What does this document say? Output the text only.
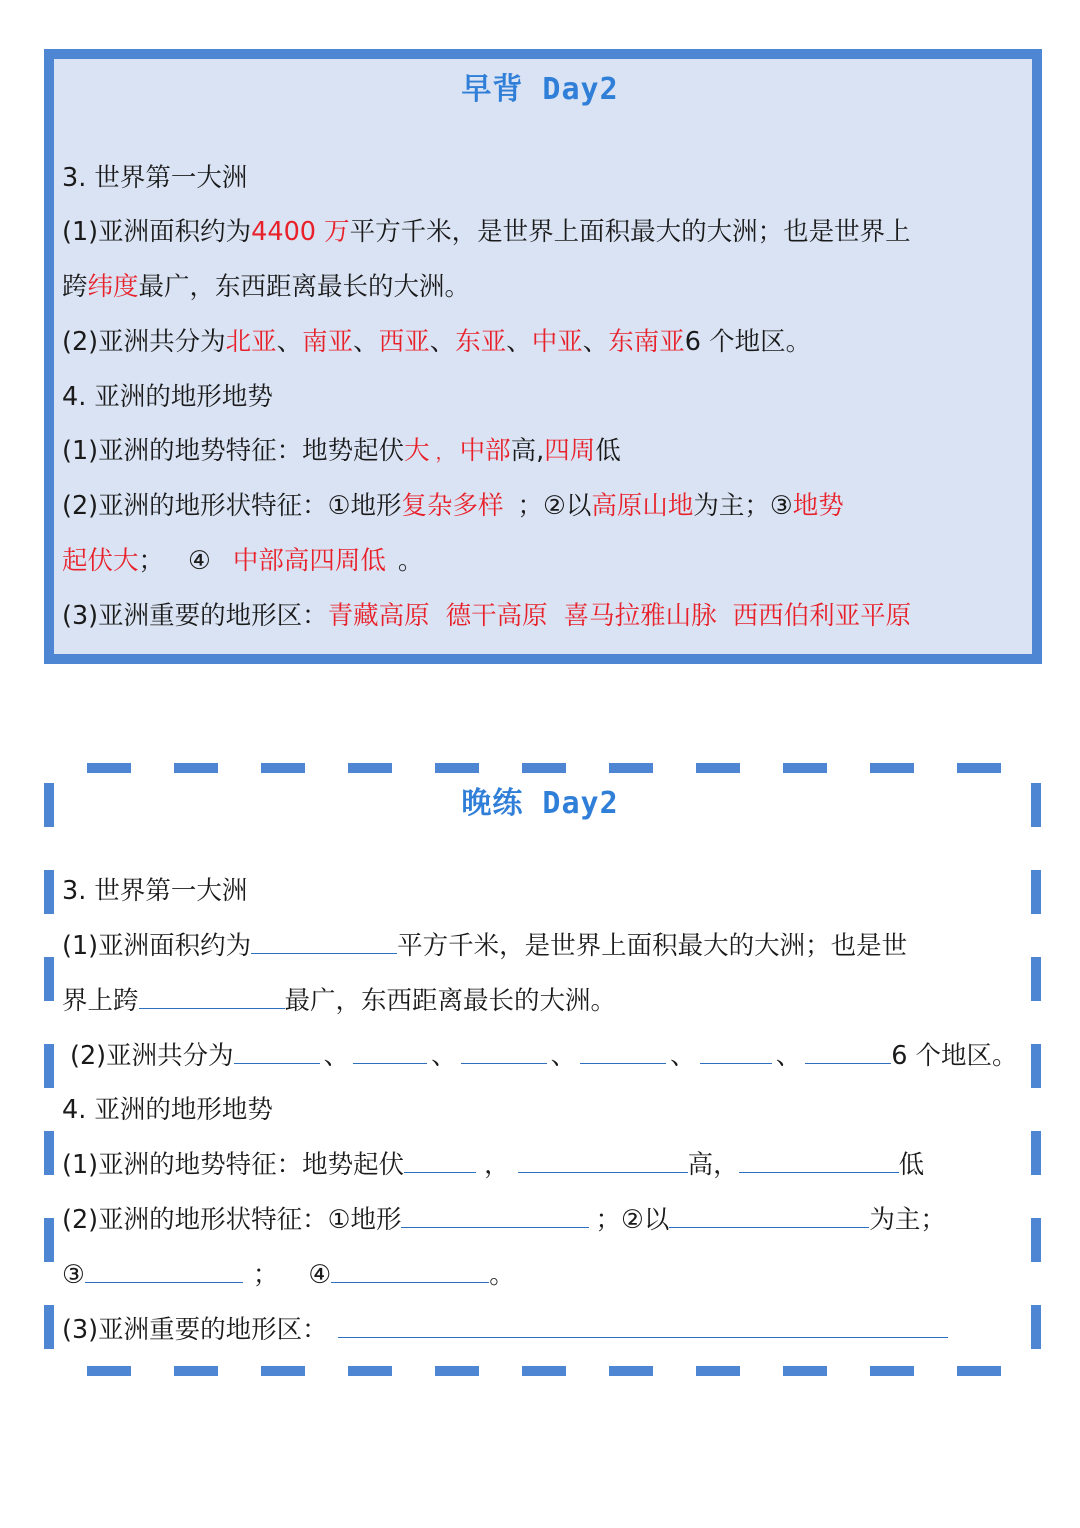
早背 Day2
3. 世界第一大洲
(1)亚洲面积约为4400 万平方千米，是世界上面积最大的大洲；也是世界上
跨纬度最广，东西距离最长的大洲。
(2)亚洲共分为北亚、南亚、西亚、东亚、中亚、东南亚6 个地区。
4. 亚洲的地形地势
(1)亚洲的地势特征：地势起伏大 ， 中部高,四周低
(2)亚洲的地形状特征：①地形复杂多样 ；②以高原山地为主；③地势
起伏大； ④ 中部高四周低 。
(3)亚洲重要的地形区：青藏高原 德干高原 喜马拉雅山脉 西西伯利亚平原
晚练 Day2
3. 世界第一大洲
(1)亚洲面积约为	平方千米，是世界上面积最大的大洲；也是世
界上跨	最广，东西距离最长的大洲。
(2)亚洲共分为	、	、	、	、	、	6 个地区。
4. 亚洲的地形地势
(1)亚洲的地势特征：地势起伏	，	高，	低
(2)亚洲的地形状特征：①地形	；②以	为主；
③	； ④	。
(3)亚洲重要的地形区：
